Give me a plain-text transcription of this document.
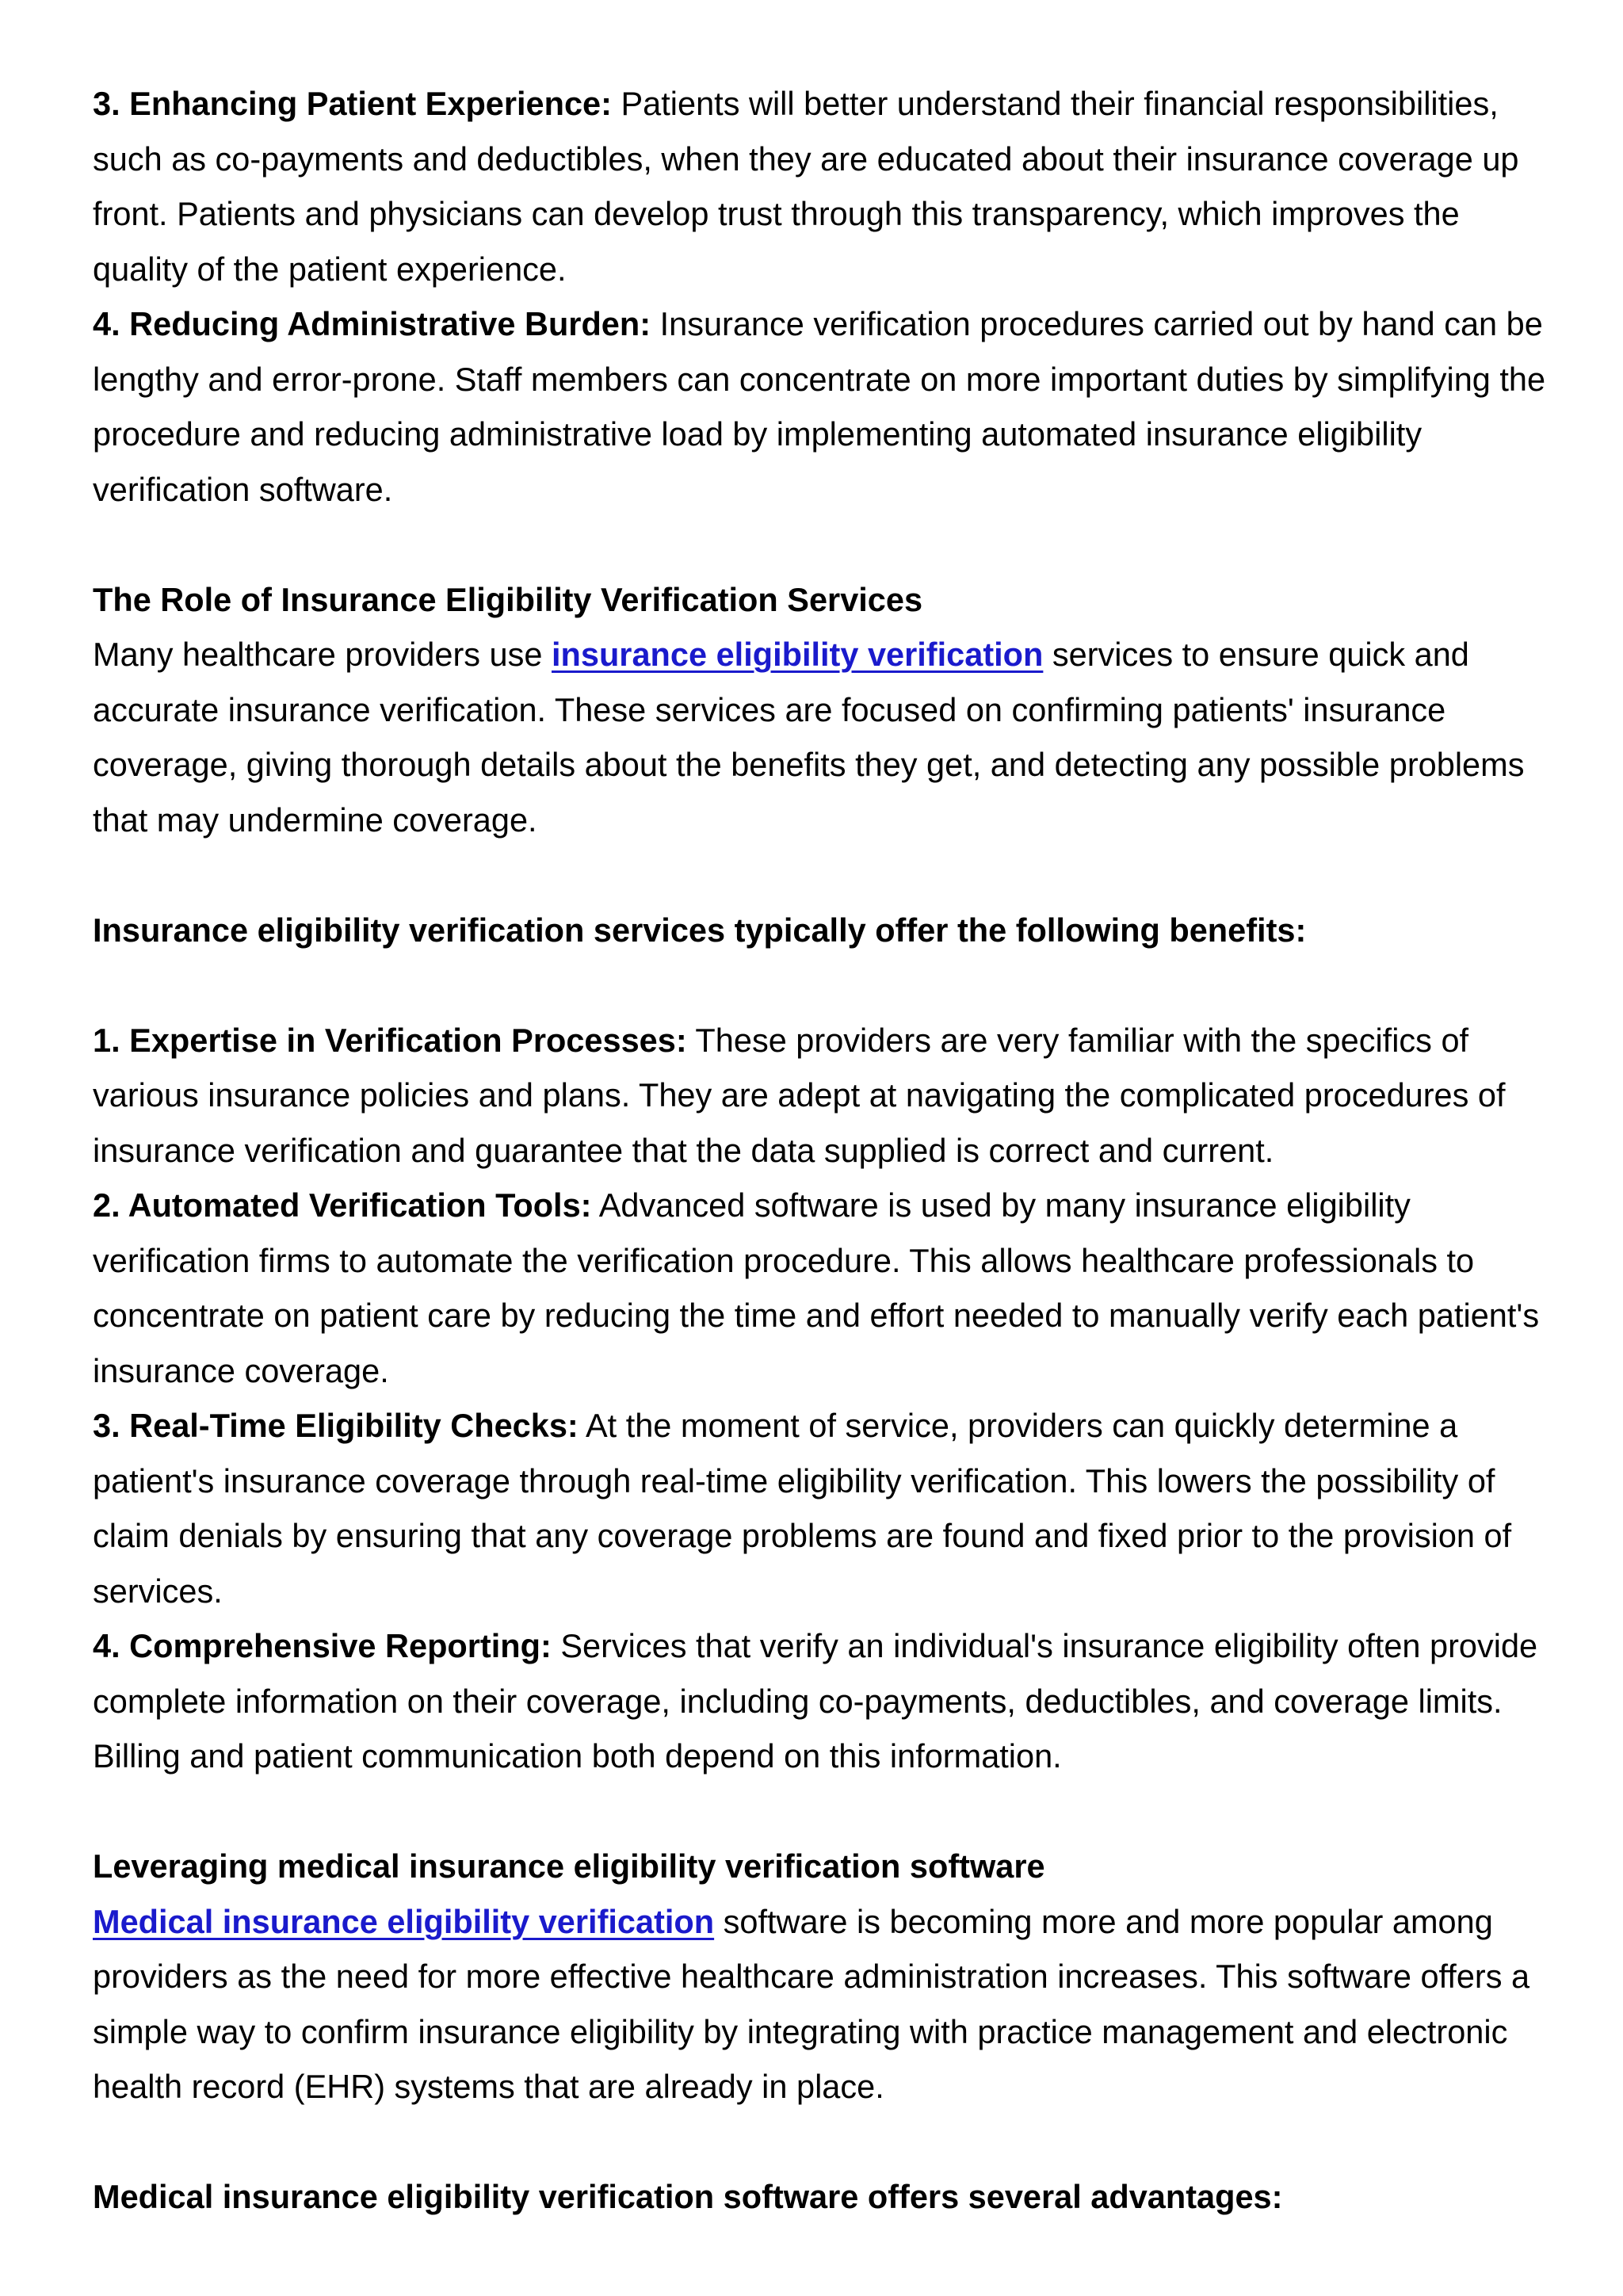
3. Enhancing Patient Experience: Patients will better understand their financial responsibilities, such as co-payments and deductibles, when they are educated about their insurance coverage up front. Patients and physicians can develop trust through this transparency, which improves the quality of the patient experience.

4. Reducing Administrative Burden: Insurance verification procedures carried out by hand can be lengthy and error-prone. Staff members can concentrate on more important duties by simplifying the procedure and reducing administrative load by implementing automated insurance eligibility verification software.

The Role of Insurance Eligibility Verification Services

Many healthcare providers use insurance eligibility verification services to ensure quick and accurate insurance verification. These services are focused on confirming patients' insurance coverage, giving thorough details about the benefits they get, and detecting any possible problems that may undermine coverage.

Insurance eligibility verification services typically offer the following benefits:

1. Expertise in Verification Processes: These providers are very familiar with the specifics of various insurance policies and plans. They are adept at navigating the complicated procedures of insurance verification and guarantee that the data supplied is correct and current.

2. Automated Verification Tools: Advanced software is used by many insurance eligibility verification firms to automate the verification procedure. This allows healthcare professionals to concentrate on patient care by reducing the time and effort needed to manually verify each patient's insurance coverage.

3. Real-Time Eligibility Checks: At the moment of service, providers can quickly determine a patient's insurance coverage through real-time eligibility verification. This lowers the possibility of claim denials by ensuring that any coverage problems are found and fixed prior to the provision of services.

4. Comprehensive Reporting: Services that verify an individual's insurance eligibility often provide complete information on their coverage, including co-payments, deductibles, and coverage limits. Billing and patient communication both depend on this information.

Leveraging medical insurance eligibility verification software

Medical insurance eligibility verification software is becoming more and more popular among providers as the need for more effective healthcare administration increases. This software offers a simple way to confirm insurance eligibility by integrating with practice management and electronic health record (EHR) systems that are already in place.

Medical insurance eligibility verification software offers several advantages:
